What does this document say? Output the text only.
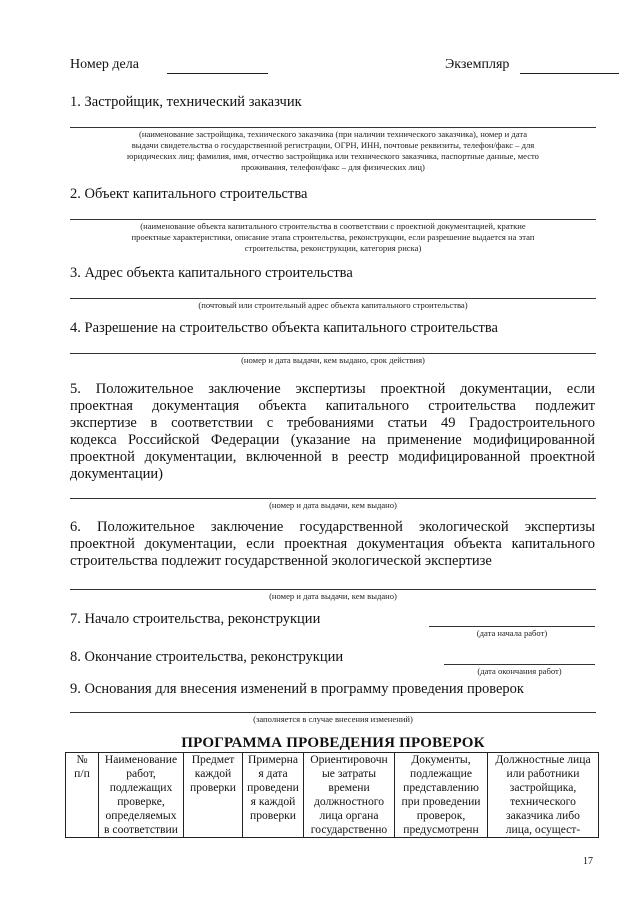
Номер дела	Экземпляр
1. Застройщик, технический заказчик
(наименование застройщика, технического заказчика (при наличии технического заказчика), номер и дата
выдачи свидетельства о государственной регистрации, ОГРН, ИНН, почтовые реквизиты, телефон/факс – для
юридических лиц; фамилия, имя, отчество застройщика или технического заказчика, паспортные данные, место
проживания, телефон/факс – для физических лиц)
2. Объект капитального строительства
(наименование объекта капитального строительства в соответствии с проектной документацией, краткие
проектные характеристики, описание этапа строительства, реконструкции, если разрешение выдается на этап
строительства, реконструкции, категория риска)
3. Адрес объекта капитального строительства
(почтовый или строительный адрес объекта капитального строительства)
4. Разрешение на строительство объекта капитального строительства
(номер и дата выдачи, кем выдано, срок действия)
5. Положительное заключение экспертизы проектной документации, если
проектная документация объекта капитального строительства подлежит
экспертизе в соответствии с требованиями статьи 49 Градостроительного
кодекса Российской Федерации (указание на применение модифицированной
проектной документации, включенной в реестр модифицированной проектной
документации)
(номер и дата выдачи, кем выдано)
6. Положительное заключение государственной экологической экспертизы
проектной документации, если проектная документация объекта капитального
строительства подлежит государственной экологической экспертизе
(номер и дата выдачи, кем выдано)
7. Начало строительства, реконструкции
(дата начала работ)
8. Окончание строительства, реконструкции
(дата окончания работ)
9. Основания для внесения изменений в программу проведения проверок
(заполняется в случае внесения изменений)
ПРОГРАММА ПРОВЕДЕНИЯ ПРОВЕРОК
№
п/п

Наименование
работ,
подлежащих
проверке,
определяемых
в соответствии

Предмет
каждой
проверки

Примерна
я дата
проведени
я каждой
проверки

Ориентировочн
ые затраты
времени
должностного
лица органа
государственно

Документы,
подлежащие
представлению
при проведении
проверок,
предусмотренн

Должностные лица
или работники
застройщика,
технического
заказчика либо
лица, осущест-
17
